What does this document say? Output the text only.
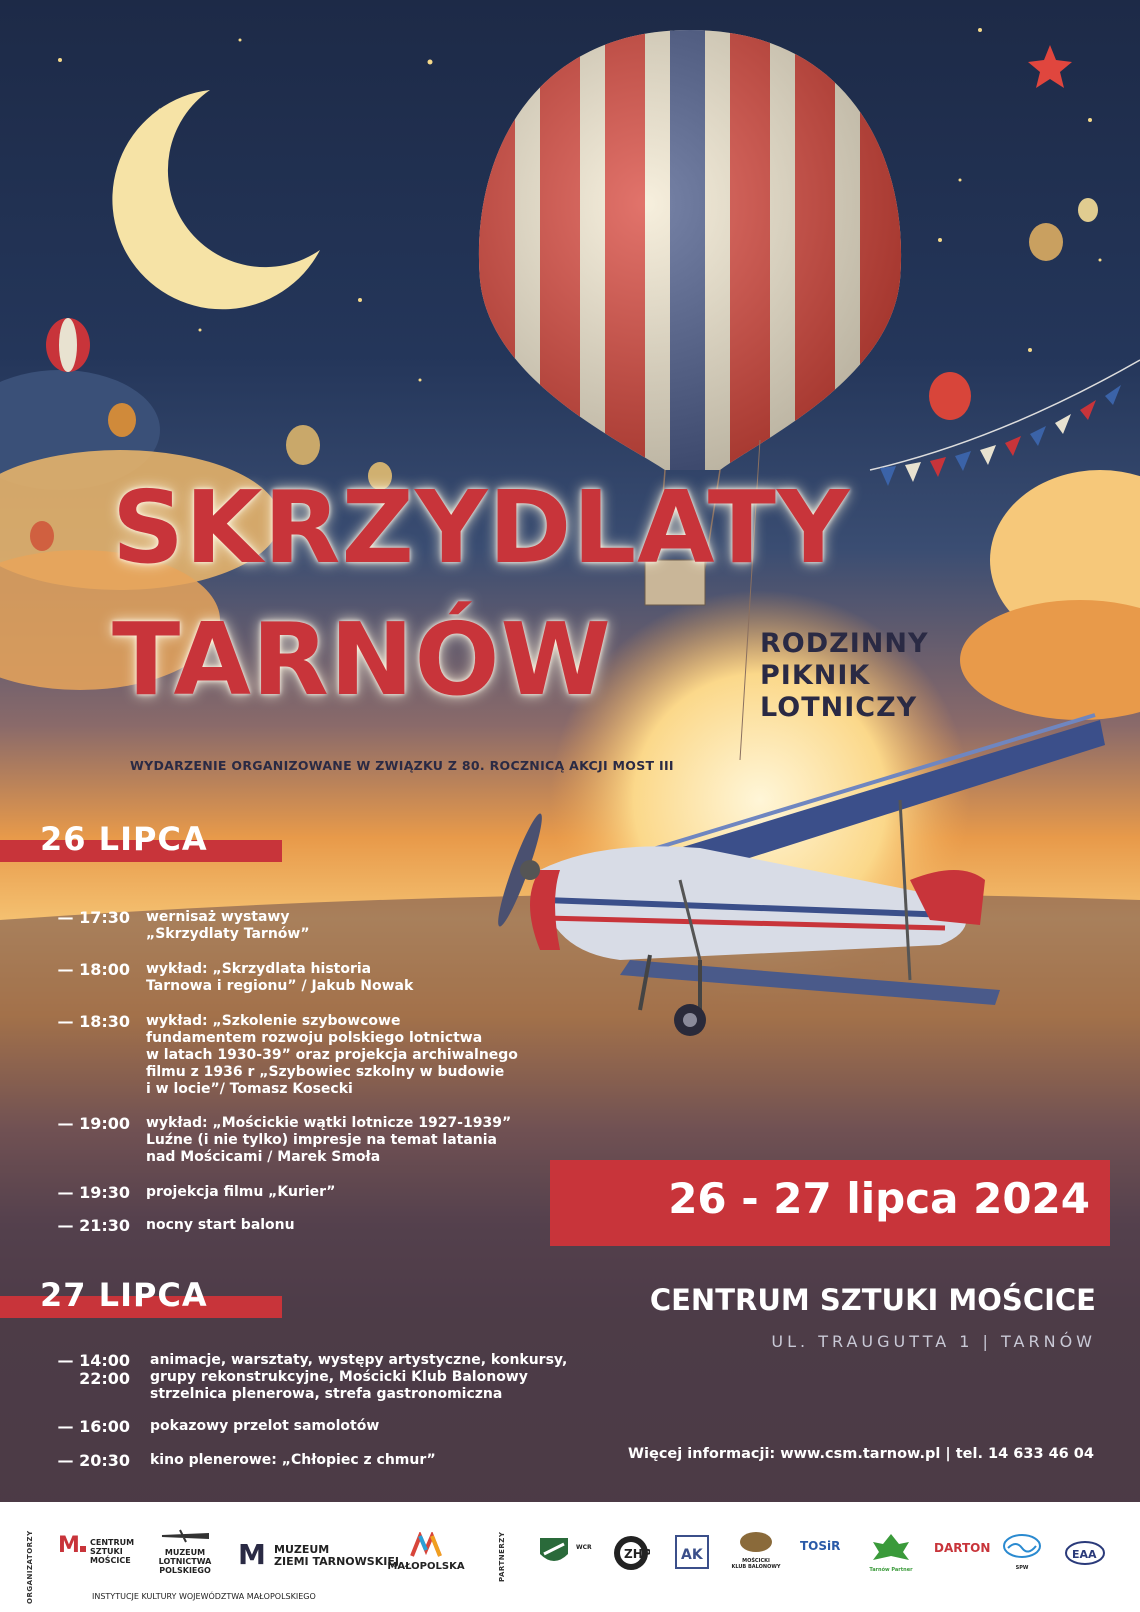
SKRZYDLATY
TARNÓW	RODZINNY
PIKNIK
LOTNICZY
WYDARZENIE ORGANIZOWANE W ZWIĄZKU Z 80. ROCZNICĄ AKCJI MOST III
26 LIPCA
— 17:30 wernisaż wystawy
„Skrzydlaty Tarnów”
— 18:00 wykład: „Skrzydlata historia
Tarnowa i regionu” / Jakub Nowak
— 18:30 wykład: „Szkolenie szybowcowe
fundamentem rozwoju polskiego lotnictwa
w latach 1930-39” oraz projekcja archiwalnego
filmu z 1936 r „Szybowiec szkolny w budowie
i w locie”/ Tomasz Kosecki
— 19:00 wykład: „Mościckie wątki lotnicze 1927-1939”
Luźne (i nie tylko) impresje na temat latania
nad Mościcami / Marek Smoła
— 19:30 projekcja filmu „Kurier”
— 21:30 nocny start balonu
27 LIPCA
— 14:00
22:00
animacje, warsztaty, występy artystyczne, konkursy,
grupy rekonstrukcyjne, Mościcki Klub Balonowy
strzelnica plenerowa, strefa gastronomiczna
— 16:00 pokazowy przelot samolotów
— 20:30 kino plenerowe: „Chłopiec z chmur”
26 - 27 lipca 2024
CENTRUM SZTUKI MOŚCICE
UL. TRAUGUTTA 1 | TARNÓW
Więcej informacji: www.csm.tarnow.pl | tel. 14 633 46 04
ORGANIZATORZY	PARTNERZY
M CENTRUM
SZTUKI
MOŚCICE
MUZEUM
LOTNICTWA
POLSKIEGO M MUZEUM
ZIEMI TARNOWSKIEJ
MAŁOPOLSKA
INSTYTUCJE KULTURY WOJEWÓDZTWA MAŁOPOLSKIEGO
WCR	ZHP AK	MOŚCICKI
KLUB BALONOWY
TOSiR
Tarnów Partner
DARTON
SPW
EAA
